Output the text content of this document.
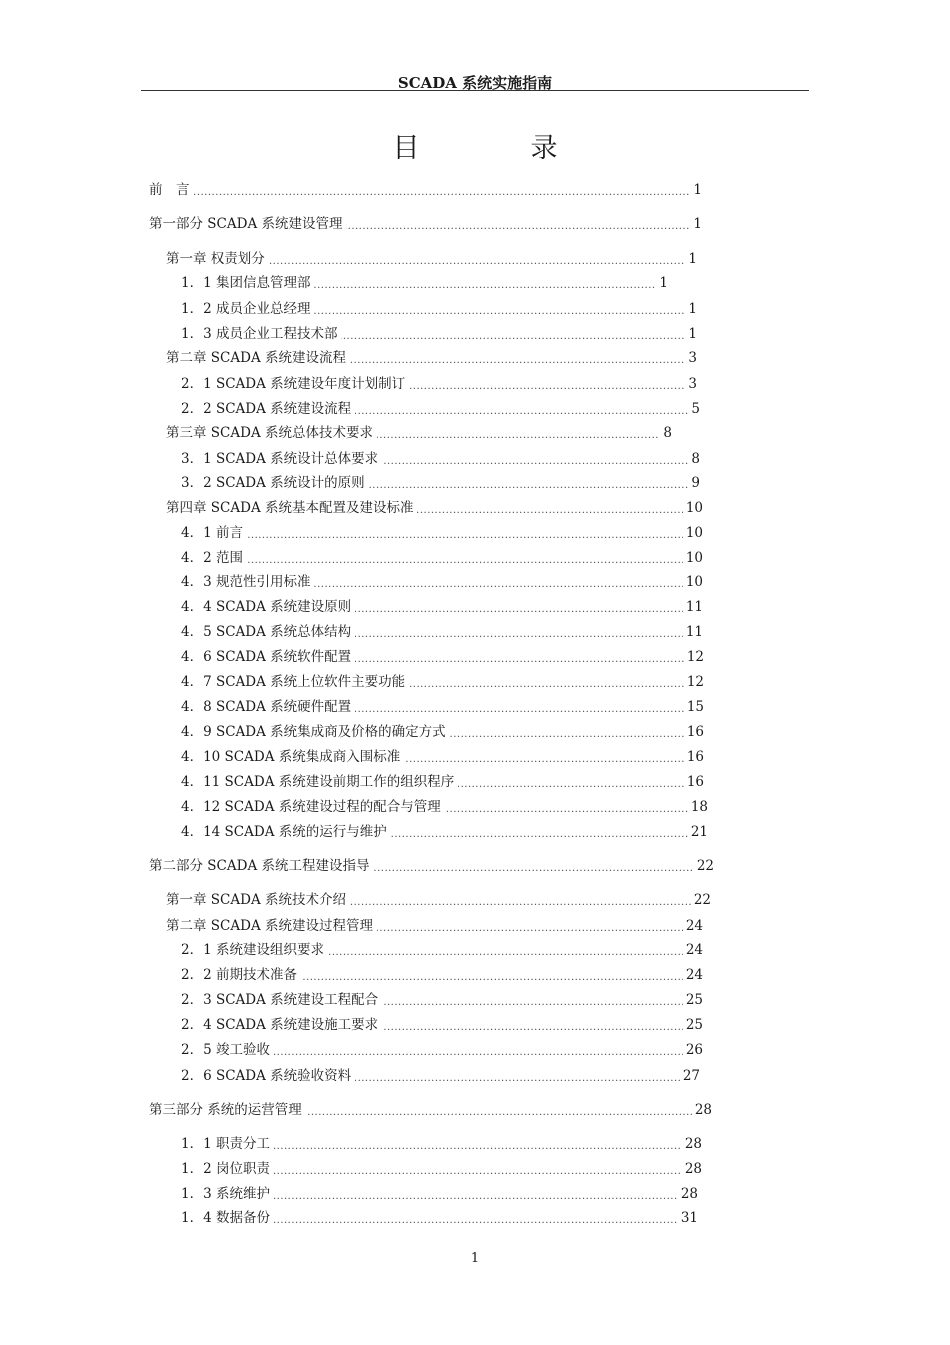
SCADA 系统实施指南
目　录
.....
前　言	1
.....
第一部分 SCADA 系统建设管理	1
.....
第一章 权责划分	1
.....
1．1 集团信息管理部	1
.....
1．2 成员企业总经理	1
.....
1．3 成员企业工程技术部	1
.....
第二章 SCADA 系统建设流程	3
.....
2．1 SCADA 系统建设年度计划制订	3
.....
2．2 SCADA 系统建设流程	5
.....
第三章 SCADA 系统总体技术要求	8
.....
3．1 SCADA 系统设计总体要求	8
.....
3．2 SCADA 系统设计的原则	9
.....
第四章 SCADA 系统基本配置及建设标准	10
.....
4．1 前言	10
.....
4．2 范围	10
.....
4．3 规范性引用标准	10
.....
4．4 SCADA 系统建设原则	11
.....
4．5 SCADA 系统总体结构	11
.....
4．6 SCADA 系统软件配置	12
.....
4．7 SCADA 系统上位软件主要功能	12
.....
4．8 SCADA 系统硬件配置	15
.....
4．9 SCADA 系统集成商及价格的确定方式	16
.....
4．10 SCADA 系统集成商入围标准	16
.....
4．11 SCADA 系统建设前期工作的组织程序	16
.....
4．12 SCADA 系统建设过程的配合与管理	18
.....
4．14 SCADA 系统的运行与维护	21
.....
第二部分 SCADA 系统工程建设指导	22
.....
第一章 SCADA 系统技术介绍	22
.....
第二章 SCADA 系统建设过程管理	24
.....
2．1 系统建设组织要求	24
.....
2．2 前期技术准备	24
.....
2．3 SCADA 系统建设工程配合	25
.....
2．4 SCADA 系统建设施工要求	25
.....
2．5 竣工验收	26
.....
2．6 SCADA 系统验收资料	27
.....
第三部分 系统的运营管理	28
.....
1．1 职责分工	28
.....
1．2 岗位职责	28
.....
1．3 系统维护	28
.....
1．4 数据备份	31
1
